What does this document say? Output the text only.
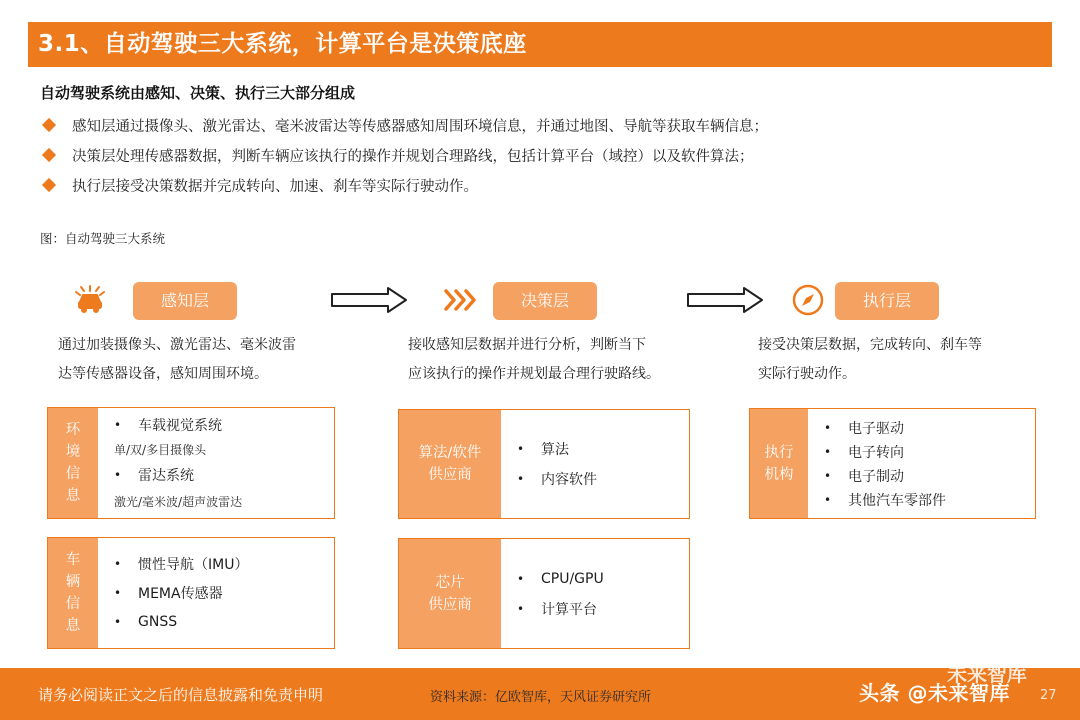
3.1、自动驾驶三大系统，计算平台是决策底座
自动驾驶系统由感知、决策、执行三大部分组成
感知层通过摄像头、激光雷达、毫米波雷达等传感器感知周围环境信息，并通过地图、导航等获取车辆信息；
决策层处理传感器数据，判断车辆应该执行的操作并规划合理路线，包括计算平台（域控）以及软件算法；
执行层接受决策数据并完成转向、加速、刹车等实际行驶动作。
图：自动驾驶三大系统
感知层	决策层	执行层
通过加装摄像头、激光雷达、毫米波雷
达等传感器设备，感知周围环境。
接收感知层数据并进行分析，判断当下
应该执行的操作并规划最合理行驶路线。
接受决策层数据，完成转向、刹车等
实际行驶动作。
环
境
信
息
•	车载视觉系统
单/双/多目摄像头
•	雷达系统
激光/毫米波/超声波雷达
车
辆
信
息
•	惯性导航（IMU）
•	MEMA传感器
•	GNSS
算法/软件
供应商
•	算法
•	内容软件
芯片
供应商
•	CPU/GPU
•	计算平台
执行
机构
•	电子驱动
•	电子转向
•	电子制动
•	其他汽车零部件
请务必阅读正文之后的信息披露和免责申明	资料来源：亿欧智库，天风证券研究所	27
未来智库
头条 @未来智库
